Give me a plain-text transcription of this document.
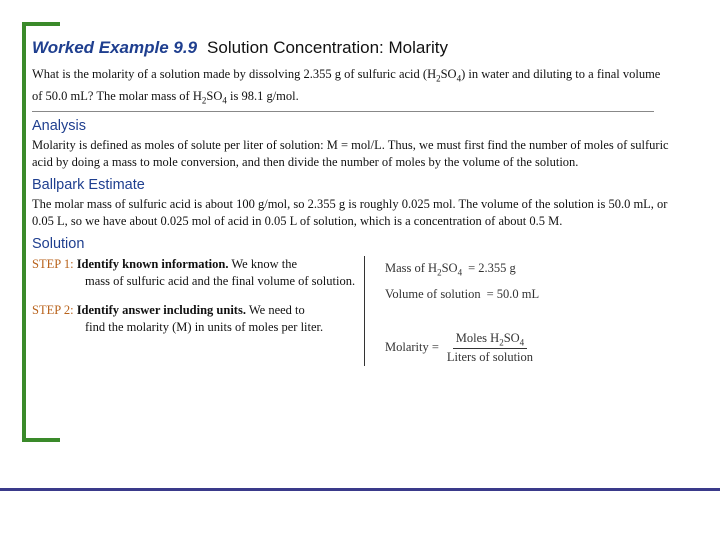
Worked Example 9.9 Solution Concentration: Molarity

What is the molarity of a solution made by dissolving 2.355 g of sulfuric acid $(H_2SO_4)$ in water and diluting to a final volume of 50.0 mL? The molar mass of $H_2SO_4$ is 98.1 g/mol.

Analysis

Molarity is defined as moles of solute per liter of solution: M = mol/L. Thus, we must first find the number of moles of sulfuric acid by doing a mass to mole conversion, and then divide the number of moles by the volume of the solution.

Ballpark Estimate

The molar mass of sulfuric acid is about 100 g/mol, so 2.355 g is roughly 0.025 mol. The volume of the solution is 50.0 mL, or 0.05 L, so we have about 0.025 mol of acid in 0.05 L of solution, which is a concentration of about 0.5 M.

Solution

STEP 1: Identify known information. We know the
mass of sulfuric acid and the final volume of solution.

STEP 2: Identify answer including units. We need to
find the molarity (M) in units of moles per liter.

Mass of $H_2SO_4 = 2.355$ g
Volume of solution = 50.0 mL
Molarity = $\frac{Moles H_2SO_4}{\text{Liters of solution}}$
